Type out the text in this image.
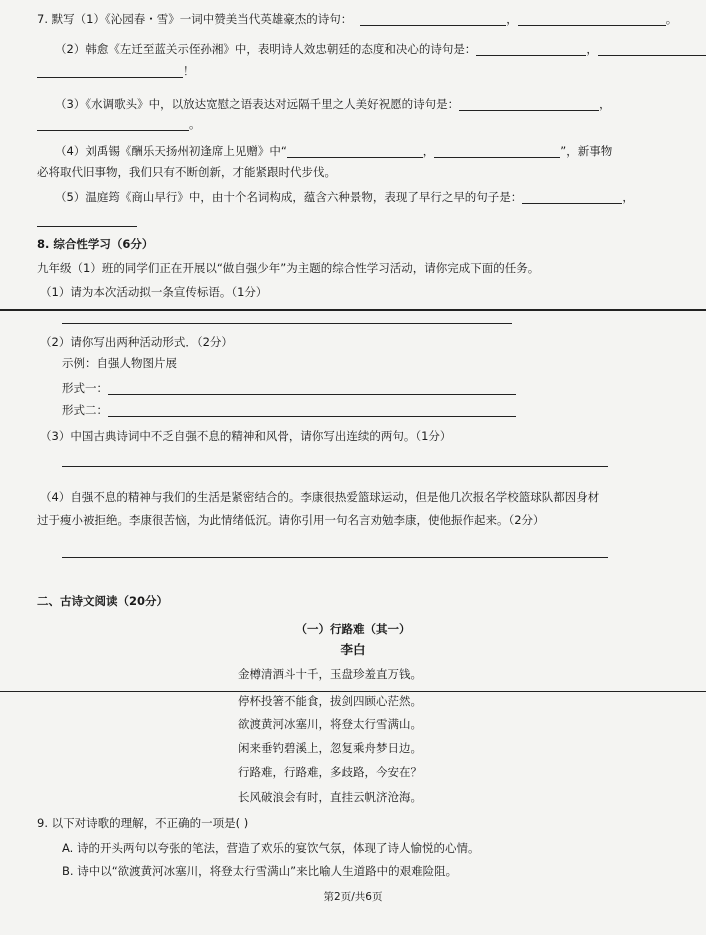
7. 默写（1）《沁园春・雪》一词中赞美当代英雄豪杰的诗句：	，	。
（2）韩愈《左迁至蓝关示侄孙湘》中，表明诗人效忠朝廷的态度和决心的诗句是：	，
！
（3）《水调歌头》中，以放达宽慰之语表达对远隔千里之人美好祝愿的诗句是：	，
。
（4）刘禹锡《酬乐天扬州初逢席上见赠》中“	，	”，新事物
必将取代旧事物，我们只有不断创新，才能紧跟时代步伐。
（5）温庭筠《商山早行》中，由十个名词构成，蕴含六种景物，表现了早行之早的句子是：	，
8. 综合性学习（6分）
九年级（1）班的同学们正在开展以“做自强少年”为主题的综合性学习活动，请你完成下面的任务。
（1）请为本次活动拟一条宣传标语。（1分）
（2）请你写出两种活动形式．（2分）
示例：自强人物图片展
形式一：
形式二：
（3）中国古典诗词中不乏自强不息的精神和风骨，请你写出连续的两句。（1分）
（4）自强不息的精神与我们的生活是紧密结合的。李康很热爱篮球运动，但是他几次报名学校篮球队都因身材
过于瘦小被拒绝。李康很苦恼，为此情绪低沉。请你引用一句名言劝勉李康，使他振作起来。（2分）
二、古诗文阅读（20分）
（一）行路难（其一）
李白
金樽清酒斗十千，玉盘珍羞直万钱。
停杯投箸不能食，拔剑四顾心茫然。
欲渡黄河冰塞川，将登太行雪满山。
闲来垂钓碧溪上，忽复乘舟梦日边。
行路难，行路难，多歧路，今安在？
长风破浪会有时，直挂云帆济沧海。
9. 以下对诗歌的理解，不正确的一项是( )
A. 诗的开头两句以夸张的笔法，营造了欢乐的宴饮气氛，体现了诗人愉悦的心情。
B. 诗中以“欲渡黄河冰塞川，将登太行雪满山”来比喻人生道路中的艰难险阻。
第2页/共6页
